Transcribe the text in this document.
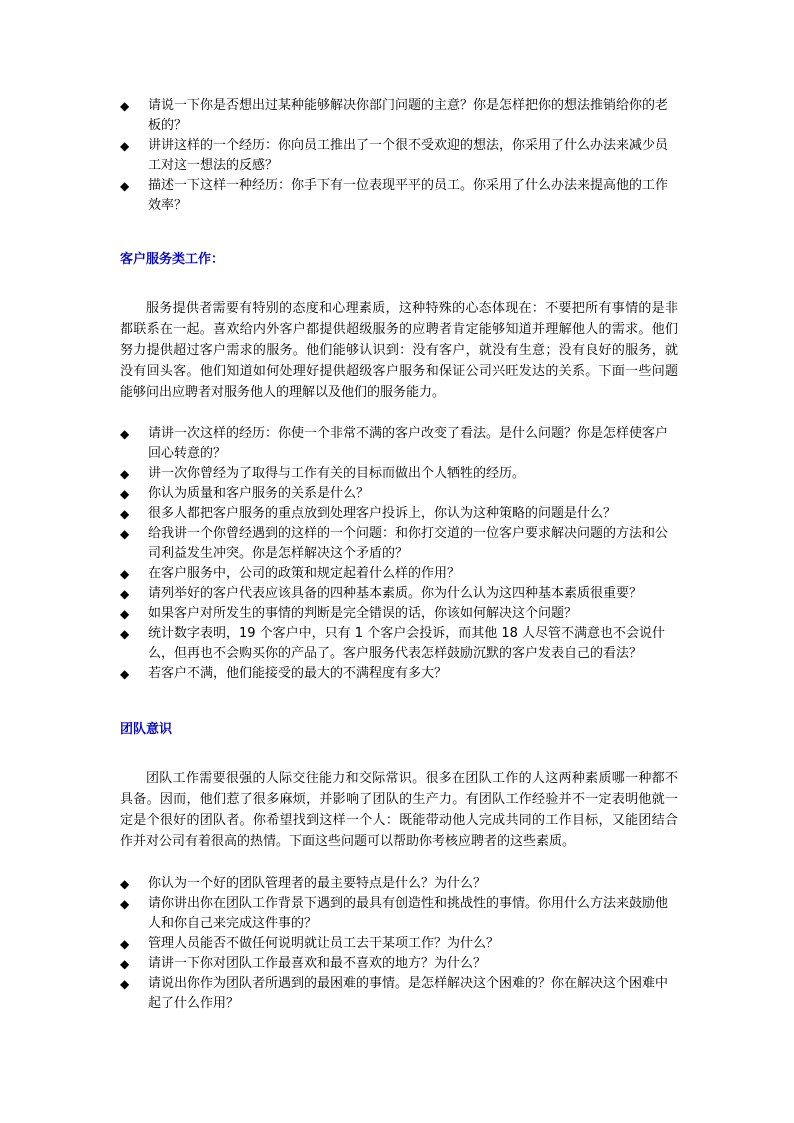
◆	请说一下你是否想出过某种能够解决你部门问题的主意？你是怎样把你的想法推销给你的老板的？
◆	讲讲这样的一个经历：你向员工推出了一个很不受欢迎的想法，你采用了什么办法来减少员工对这一想法的反感？
◆	描述一下这样一种经历：你手下有一位表现平平的员工。你采用了什么办法来提高他的工作效率？
客户服务类工作：

服务提供者需要有特别的态度和心理素质，这种特殊的心态体现在：不要把所有事情的是非都联系在一起。喜欢给内外客户都提供超级服务的应聘者肯定能够知道并理解他人的需求。他们努力提供超过客户需求的服务。他们能够认识到：没有客户，就没有生意；没有良好的服务，就没有回头客。他们知道如何处理好提供超级客户服务和保证公司兴旺发达的关系。下面一些问题能够问出应聘者对服务他人的理解以及他们的服务能力。

◆	请讲一次这样的经历：你使一个非常不满的客户改变了看法。是什么问题？你是怎样使客户回心转意的？
◆	讲一次你曾经为了取得与工作有关的目标而做出个人牺牲的经历。
◆	你认为质量和客户服务的关系是什么？
◆	很多人都把客户服务的重点放到处理客户投诉上，你认为这种策略的问题是什么？
◆	给我讲一个你曾经遇到的这样的一个问题：和你打交道的一位客户要求解决问题的方法和公司利益发生冲突。你是怎样解决这个矛盾的？
◆	在客户服务中，公司的政策和规定起着什么样的作用？
◆	请列举好的客户代表应该具备的四种基本素质。你为什么认为这四种基本素质很重要？
◆	如果客户对所发生的事情的判断是完全错误的话，你该如何解决这个问题？
◆	统计数字表明，19 个客户中，只有 1 个客户会投诉，而其他 18 人尽管不满意也不会说什么，但再也不会购买你的产品了。客户服务代表怎样鼓励沉默的客户发表自己的看法？
◆	若客户不满，他们能接受的最大的不满程度有多大？
团队意识

团队工作需要很强的人际交往能力和交际常识。很多在团队工作的人这两种素质哪一种都不具备。因而，他们惹了很多麻烦，并影响了团队的生产力。有团队工作经验并不一定表明他就一定是个很好的团队者。你希望找到这样一个人：既能带动他人完成共同的工作目标，又能团结合作并对公司有着很高的热情。下面这些问题可以帮助你考核应聘者的这些素质。

◆	你认为一个好的团队管理者的最主要特点是什么？为什么？
◆	请你讲出你在团队工作背景下遇到的最具有创造性和挑战性的事情。你用什么方法来鼓励他人和你自己来完成这件事的？
◆	管理人员能否不做任何说明就让员工去干某项工作？为什么？
◆	请讲一下你对团队工作最喜欢和最不喜欢的地方？为什么？
◆	请说出你作为团队者所遇到的最困难的事情。是怎样解决这个困难的？你在解决这个困难中起了什么作用？
